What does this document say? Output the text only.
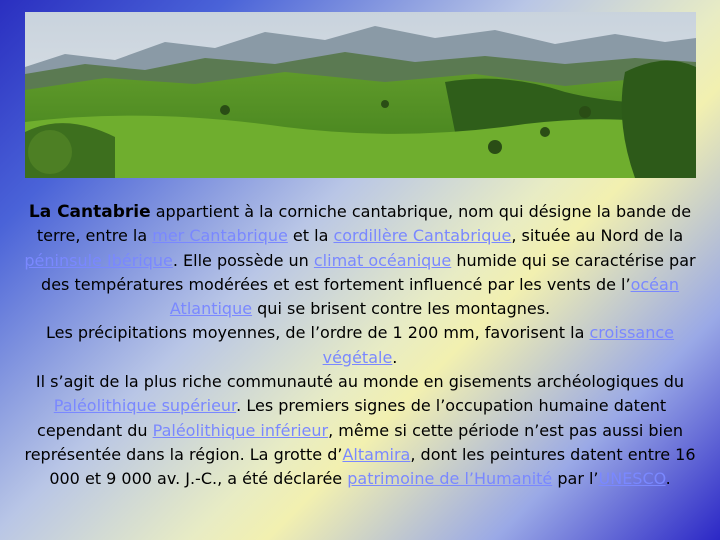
La Cantabrie appartient à la corniche cantabrique, nom qui désigne la bande de terre, entre la mer Cantabrique et la cordillère Cantabrique, située au Nord de la péninsule Ibérique. Elle possède un climat océanique humide qui se caractérise par des températures modérées et est fortement influencé par les vents de l’océan Atlantique qui se brisent contre les montagnes.

Les précipitations moyennes, de l’ordre de 1 200 mm, favorisent la croissance végétale.

Il s’agit de la plus riche communauté au monde en gisements archéologiques du Paléolithique supérieur. Les premiers signes de l’occupation humaine datent cependant du Paléolithique inférieur, même si cette période n’est pas aussi bien représentée dans la région. La grotte d’Altamira, dont les peintures datent entre 16 000 et 9 000 av. J.-C., a été déclarée patrimoine de l’Humanité par l’UNESCO.
